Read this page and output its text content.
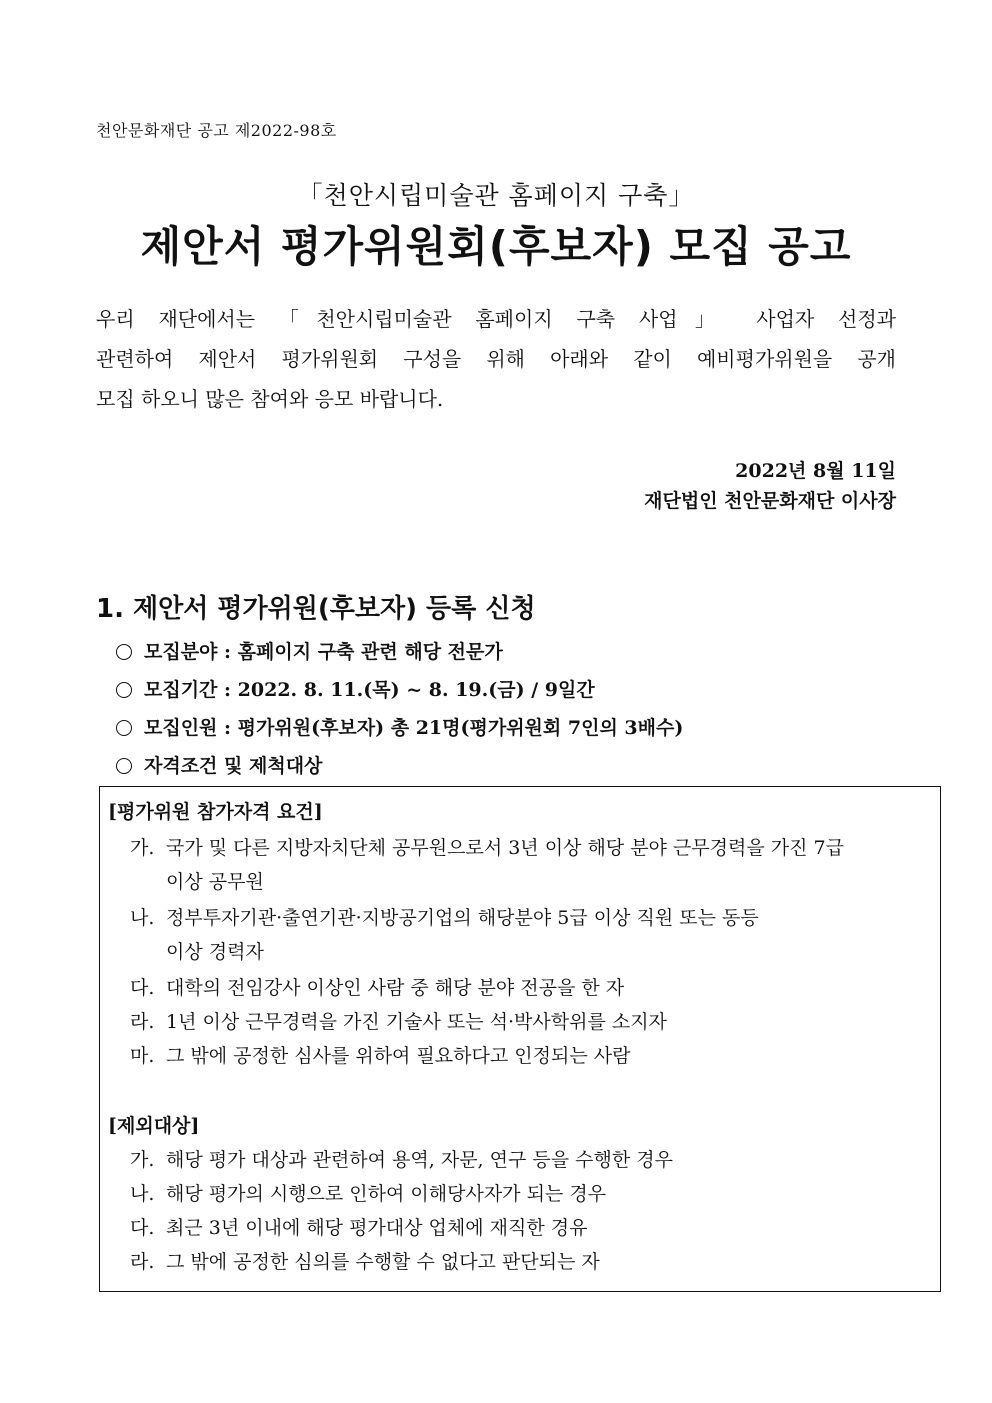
천안문화재단 공고 제2022-98호
「천안시립미술관 홈페이지 구축」
제안서 평가위원회(후보자) 모집 공고

우리 재단에서는 「천안시립미술관 홈페이지 구축 사업」 사업자 선정과
관련하여 제안서 평가위원회 구성을 위해 아래와 같이 예비평가위원을 공개
모집 하오니 많은 참여와 응모 바랍니다.

2022년 8월 11일
재단법인 천안문화재단 이사장
1. 제안서 평가위원(후보자) 등록 신청
모집분야 : 홈페이지 구축 관련 해당 전문가
모집기간 : 2022. 8. 11.(목) ~ 8. 19.(금) / 9일간
모집인원 : 평가위원(후보자) 총 21명(평가위원회 7인의 3배수)
자격조건 및 제척대상
[평가위원 참가자격 요건]
가. 국가 및 다른 지방자치단체 공무원으로서 3년 이상 해당 분야 근무경력을 가진 7급
이상 공무원
나. 정부투자기관·출연기관·지방공기업의 해당분야 5급 이상 직원 또는 동등
이상 경력자
다. 대학의 전임강사 이상인 사람 중 해당 분야 전공을 한 자
라. 1년 이상 근무경력을 가진 기술사 또는 석·박사학위를 소지자
마. 그 밖에 공정한 심사를 위하여 필요하다고 인정되는 사람
[제외대상]
가. 해당 평가 대상과 관련하여 용역, 자문, 연구 등을 수행한 경우
나. 해당 평가의 시행으로 인하여 이해당사자가 되는 경우
다. 최근 3년 이내에 해당 평가대상 업체에 재직한 경유
라. 그 밖에 공정한 심의를 수행할 수 없다고 판단되는 자
